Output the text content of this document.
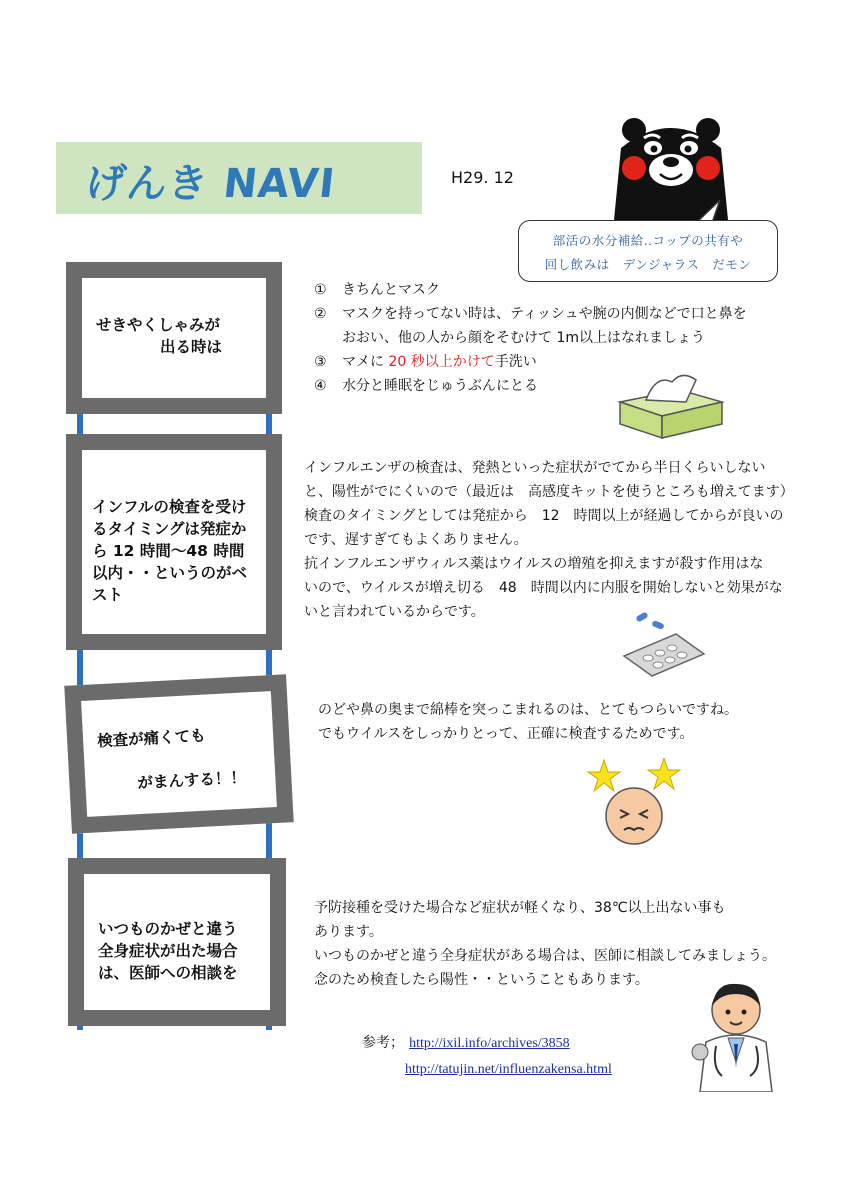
げんき NAVI	H29. 12
部活の水分補給‥コップの共有や
回し飲みは　デンジャラス　だモン
せきやくしゃみが
出る時は
①	きちんとマスク
②	マスクを持ってない時は、ティッシュや腕の内側などで口と鼻を
おおい、他の人から顔をそむけて 1m以上はなれましょう
③	マメに 20 秒以上かけて手洗い
④	水分と睡眠をじゅうぶんにとる
インフルの検査を受け
るタイミングは発症か
ら 12 時間～48 時間
以内・・というのがベ
スト
インフルエンザの検査は、発熱といった症状がでてから半日くらいしない
と、陽性がでにくいので（最近は　高感度キットを使うところも増えてます）
検査のタイミングとしては発症から　12　時間以上が経過してからが良いの
です、遅すぎてもよくありません。
抗インフルエンザウィルス薬はウイルスの増殖を抑えますが殺す作用はな
いので、ウイルスが増え切る　48　時間以内に内服を開始しないと効果がな
いと言われているからです。
検査が痛くても
がまんする！！
のどや鼻の奥まで綿棒を突っこまれるのは、とてもつらいですね。
でもウイルスをしっかりとって、正確に検査するためです。
いつものかぜと違う
全身症状が出た場合
は、医師への相談を
予防接種を受けた場合など症状が軽くなり、38℃以上出ない事も
あります。
いつものかぜと違う全身症状がある場合は、医師に相談してみましょう。
念のため検査したら陽性・・ということもあります。
参考； http://ixil.info/archives/3858
http://tatujin.net/influenzakensa.html
